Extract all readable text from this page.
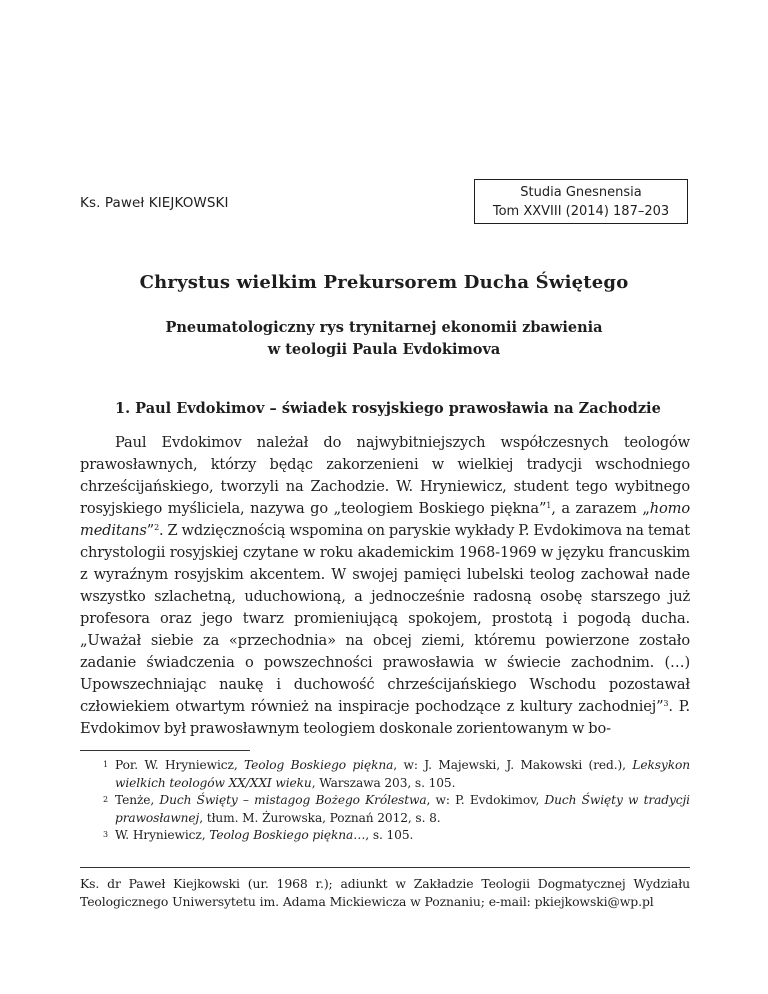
Ks. Paweł KIEJKOWSKI
Studia Gnesnensia
Tom XXVIII (2014) 187–203
Chrystus wielkim Prekursorem Ducha Świętego
Pneumatologiczny rys trynitarnej ekonomii zbawienia
w teologii Paula Evdokimova
1. Paul Evdokimov – świadek rosyjskiego prawosławia na Zachodzie

Paul Evdokimov należał do najwybitniejszych współczesnych teologów prawosławnych, którzy będąc zakorzenieni w wielkiej tradycji wschodniego chrześcijańskiego, tworzyli na Zachodzie. W. Hryniewicz, student tego wybitnego rosyjskiego myśliciela, nazywa go „teologiem Boskiego piękna”$^1$, a zarazem „homo meditans”$^2$. Z wdzięcznością wspomina on paryskie wykłady P. Evdokimova na temat chrystologii rosyjskiej czytane w roku akademickim 1968-1969 w języku francuskim z wyraźnym rosyjskim akcentem. W swojej pamięci lubelski teolog zachował nade wszystko szlachetną, uduchowioną, a jednocześnie radosną osobę starszego już profesora oraz jego twarz promieniującą spokojem, prostotą i pogodą ducha. „Uważał siebie za «przechodnia» na obcej ziemi, któremu powierzone zostało zadanie świadczenia o powszechności prawosławia w świecie zachodnim. (…) Upowszechniając naukę i duchowość chrześcijańskiego Wschodu pozostawał człowiekiem otwartym również na inspiracje pochodzące z kultury zachodniej”$^3$. P. Evdokimov był prawosławnym teologiem doskonale zorientowanym w bo-

1 Por. W. Hryniewicz, Teolog Boskiego piękna, w: J. Majewski, J. Makowski (red.), Leksykon wielkich teologów XX/XXI wieku, Warszawa 203, s. 105.
2 Tenże, Duch Święty – mistagog Bożego Królestwa, w: P. Evdokimov, Duch Święty w tradycji prawosławnej, tłum. M. Żurowska, Poznań 2012, s. 8.
3 W. Hryniewicz, Teolog Boskiego piękna…, s. 105.
Ks. dr Paweł Kiejkowski (ur. 1968 r.); adiunkt w Zakładzie Teologii Dogmatycznej Wydziału Teologicznego Uniwersytetu im. Adama Mickiewicza w Poznaniu; e-mail: pkiejkowski@wp.pl
